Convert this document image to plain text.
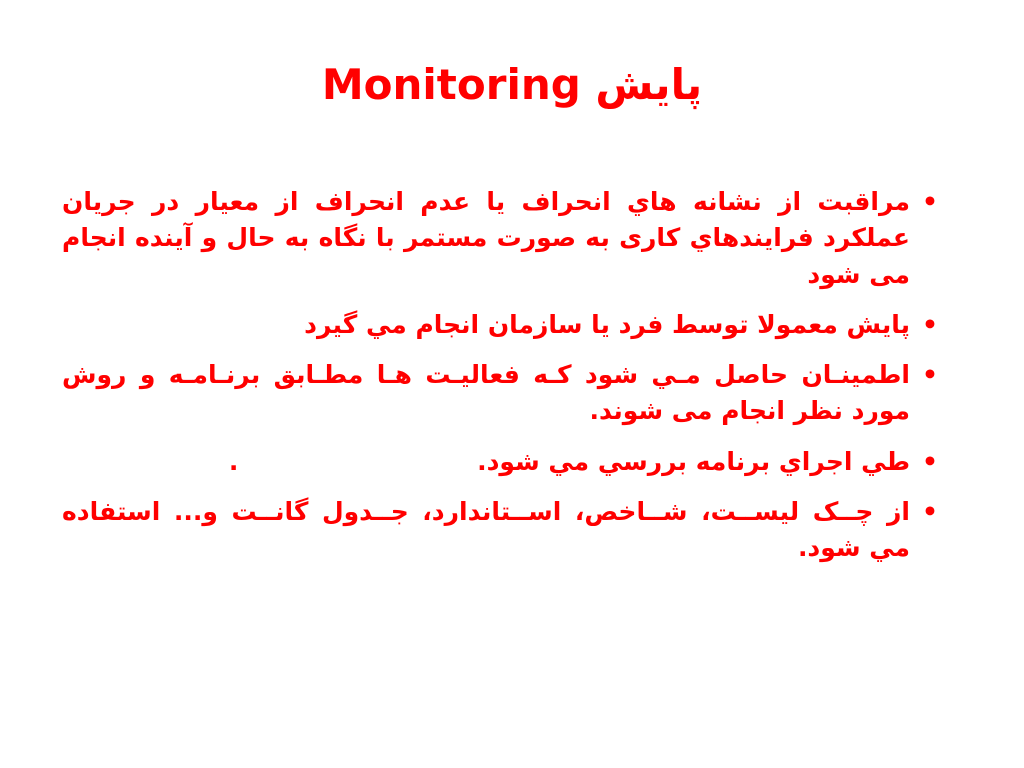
پايش Monitoring
•
مراقبت از نشانه هاي انحراف يا عدم انحراف از معيار در جريان عملكرد فرايندهاي کاری به صورت مستمر با نگاه به حال و آينده انجام می شود
•
پايش معمولا توسط فرد يا سازمان انجام مي گيرد
•
اطمينـان حاصل مـي شود كـه فعاليـت هـا مطـابق برنـامـه و روش مورد نظر انجام می شوند.
•
طي اجراي برنامه بررسي مي شود. .
•
از چــک ليســت، شــاخص، اســتاندارد، جــدول گانــت و... استفاده مي شود.
